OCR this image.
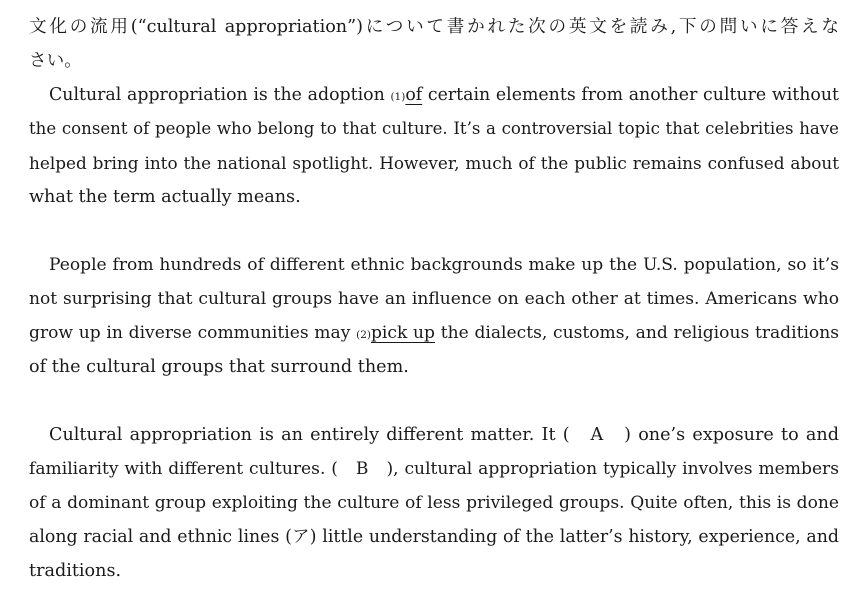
文化の流用(“cultural appropriation”)について書かれた次の英文を読み,下の問いに答えな
さい。
Cultural appropriation is the adoption (1)of certain elements from another culture without
the consent of people who belong to that culture. It’s a controversial topic that celebrities have
helped bring into the national spotlight. However, much of the public remains confused about
what the term actually means.
People from hundreds of different ethnic backgrounds make up the U.S. population, so it’s
not surprising that cultural groups have an influence on each other at times. Americans who
grow up in diverse communities may (2)pick up the dialects, customs, and religious traditions
of the cultural groups that surround them.
Cultural appropriation is an entirely different matter. It (　A　) one’s exposure to and
familiarity with different cultures. (　B　), cultural appropriation typically involves members
of a dominant group exploiting the culture of less privileged groups. Quite often, this is done
along racial and ethnic lines (ア) little understanding of the latter’s history, experience, and
traditions.
